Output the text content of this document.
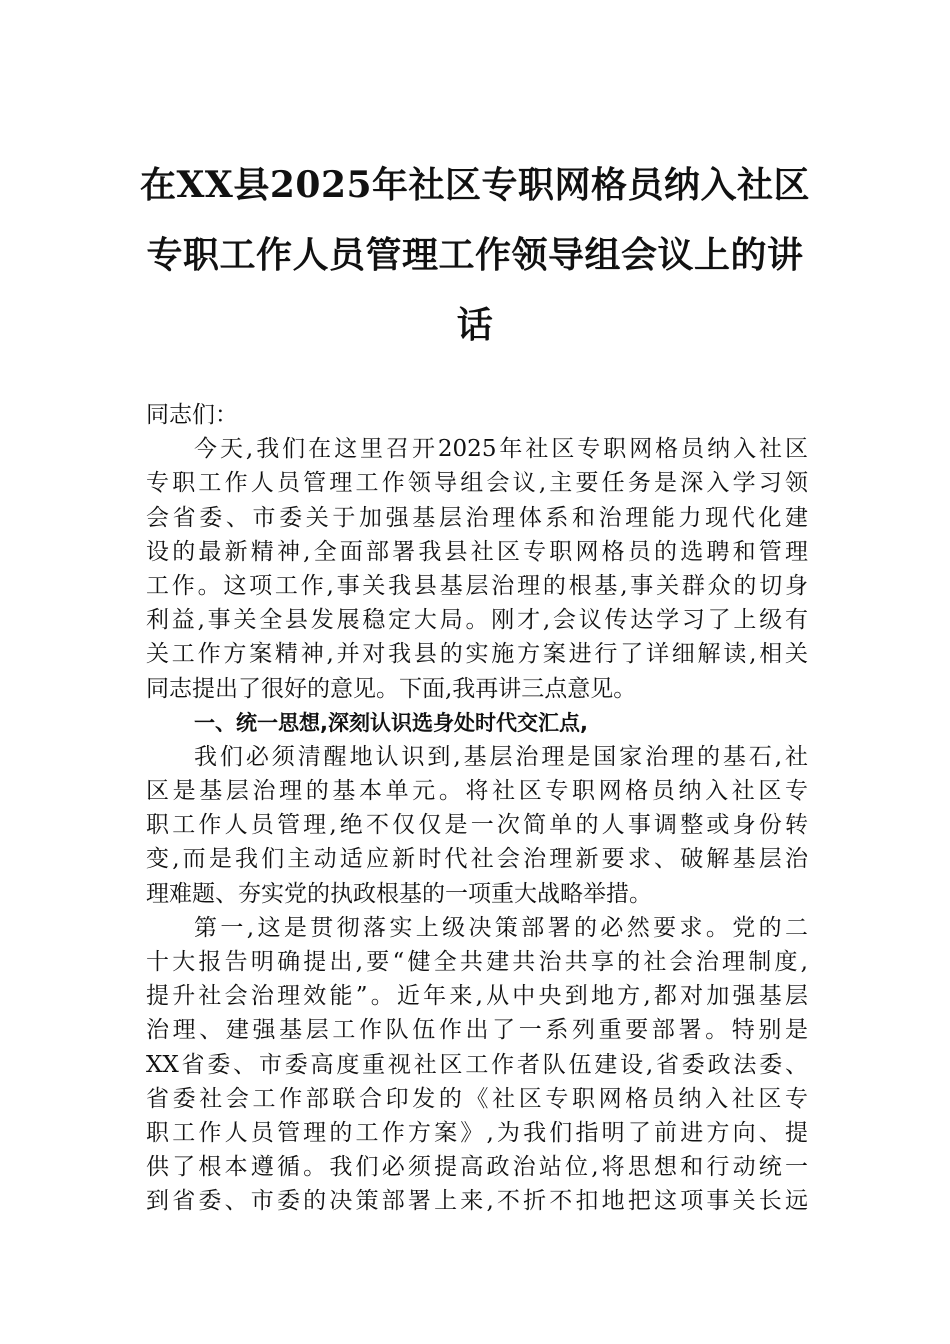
在XX县2025年社区专职网格员纳入社区
专职工作人员管理工作领导组会议上的讲
话
同志们：
今天,我们在这里召开2025年社区专职网格员纳入社区
专职工作人员管理工作领导组会议,主要任务是深入学习领
会省委、市委关于加强基层治理体系和治理能力现代化建
设的最新精神,全面部署我县社区专职网格员的选聘和管理
工作。这项工作,事关我县基层治理的根基,事关群众的切身
利益,事关全县发展稳定大局。刚才,会议传达学习了上级有
关工作方案精神,并对我县的实施方案进行了详细解读,相关
同志提出了很好的意见。下面,我再讲三点意见。
一、统一思想,深刻认识选身处时代交汇点,
我们必须清醒地认识到,基层治理是国家治理的基石,社
区是基层治理的基本单元。将社区专职网格员纳入社区专
职工作人员管理,绝不仅仅是一次简单的人事调整或身份转
变,而是我们主动适应新时代社会治理新要求、破解基层治
理难题、夯实党的执政根基的一项重大战略举措。
第一,这是贯彻落实上级决策部署的必然要求。党的二
十大报告明确提出,要“健全共建共治共享的社会治理制度,
提升社会治理效能”。近年来,从中央到地方,都对加强基层
治理、建强基层工作队伍作出了一系列重要部署。特别是
XX省委、市委高度重视社区工作者队伍建设,省委政法委、
省委社会工作部联合印发的《社区专职网格员纳入社区专
职工作人员管理的工作方案》,为我们指明了前进方向、提
供了根本遵循。我们必须提高政治站位,将思想和行动统一
到省委、市委的决策部署上来,不折不扣地把这项事关长远
